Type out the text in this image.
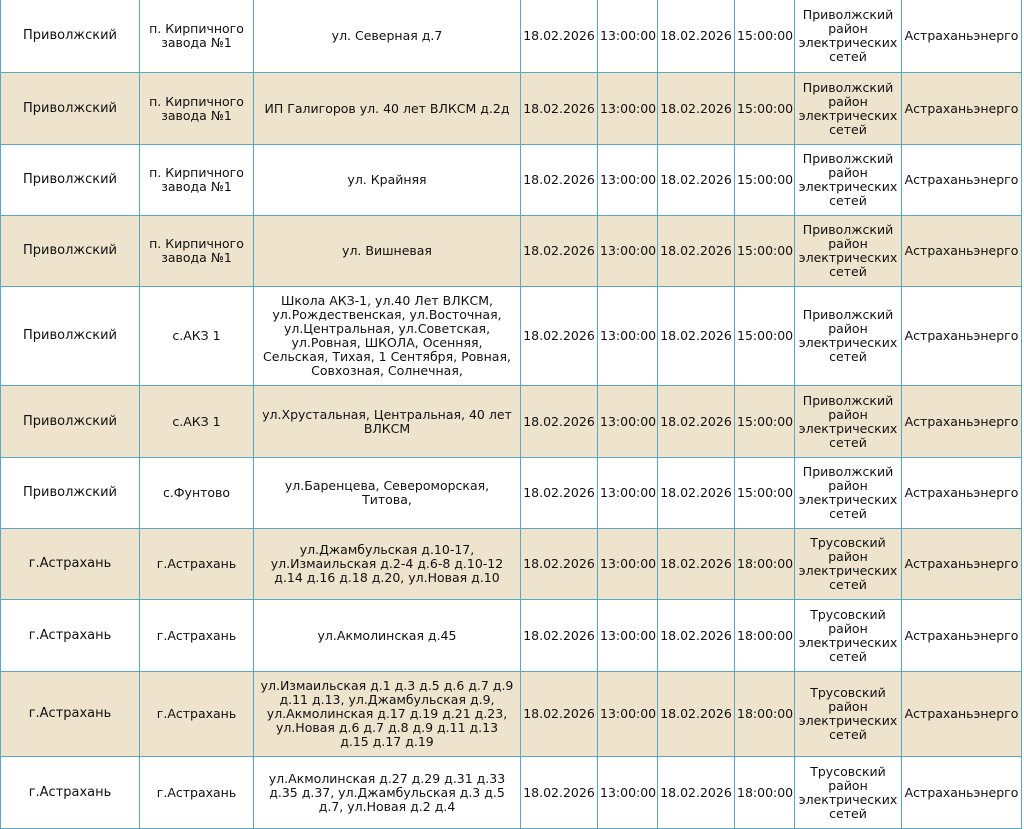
Приволжский	п. Кирпичного завода №1	ул. Северная д.7	18.02.2026	13:00:00	18.02.2026	15:00:00	Приволжский район электрических сетей	Астраханьэнерго
Приволжский	п. Кирпичного завода №1	ИП Галигоров ул. 40 лет ВЛКСМ д.2д	18.02.2026	13:00:00	18.02.2026	15:00:00	Приволжский район электрических сетей	Астраханьэнерго
Приволжский	п. Кирпичного завода №1	ул. Крайняя	18.02.2026	13:00:00	18.02.2026	15:00:00	Приволжский район электрических сетей	Астраханьэнерго
Приволжский	п. Кирпичного завода №1	ул. Вишневая	18.02.2026	13:00:00	18.02.2026	15:00:00	Приволжский район электрических сетей	Астраханьэнерго
Приволжский	с.АКЗ 1	Школа АКЗ-1, ул.40 Лет ВЛКСМ, ул.Рождественская, ул.Восточная, ул.Центральная, ул.Советская, ул.Ровная, ШКОЛА, Осенняя, Сельская, Тихая, 1 Сентября, Ровная, Совхозная, Солнечная,	18.02.2026	13:00:00	18.02.2026	15:00:00	Приволжский район электрических сетей	Астраханьэнерго
Приволжский	с.АКЗ 1	ул.Хрустальная, Центральная, 40 лет ВЛКСМ	18.02.2026	13:00:00	18.02.2026	15:00:00	Приволжский район электрических сетей	Астраханьэнерго
Приволжский	с.Фунтово	ул.Баренцева, Североморская, Титова,	18.02.2026	13:00:00	18.02.2026	15:00:00	Приволжский район электрических сетей	Астраханьэнерго
г.Астрахань	г.Астрахань	ул.Джамбульская д.10-17, ул.Измаильская д.2-4 д.6-8 д.10-12 д.14 д.16 д.18 д.20, ул.Новая д.10	18.02.2026	13:00:00	18.02.2026	18:00:00	Трусовский район электрических сетей	Астраханьэнерго
г.Астрахань	г.Астрахань	ул.Акмолинская д.45	18.02.2026	13:00:00	18.02.2026	18:00:00	Трусовский район электрических сетей	Астраханьэнерго
г.Астрахань	г.Астрахань	ул.Измаильская д.1 д.3 д.5 д.6 д.7 д.9 д.11 д.13, ул.Джамбульская д.9, ул.Акмолинская д.17 д.19 д.21 д.23, ул.Новая д.6 д.7 д.8 д.9 д.11 д.13 д.15 д.17 д.19	18.02.2026	13:00:00	18.02.2026	18:00:00	Трусовский район электрических сетей	Астраханьэнерго
г.Астрахань	г.Астрахань	ул.Акмолинская д.27 д.29 д.31 д.33 д.35 д.37, ул.Джамбульская д.3 д.5 д.7, ул.Новая д.2 д.4	18.02.2026	13:00:00	18.02.2026	18:00:00	Трусовский район электрических сетей	Астраханьэнерго
